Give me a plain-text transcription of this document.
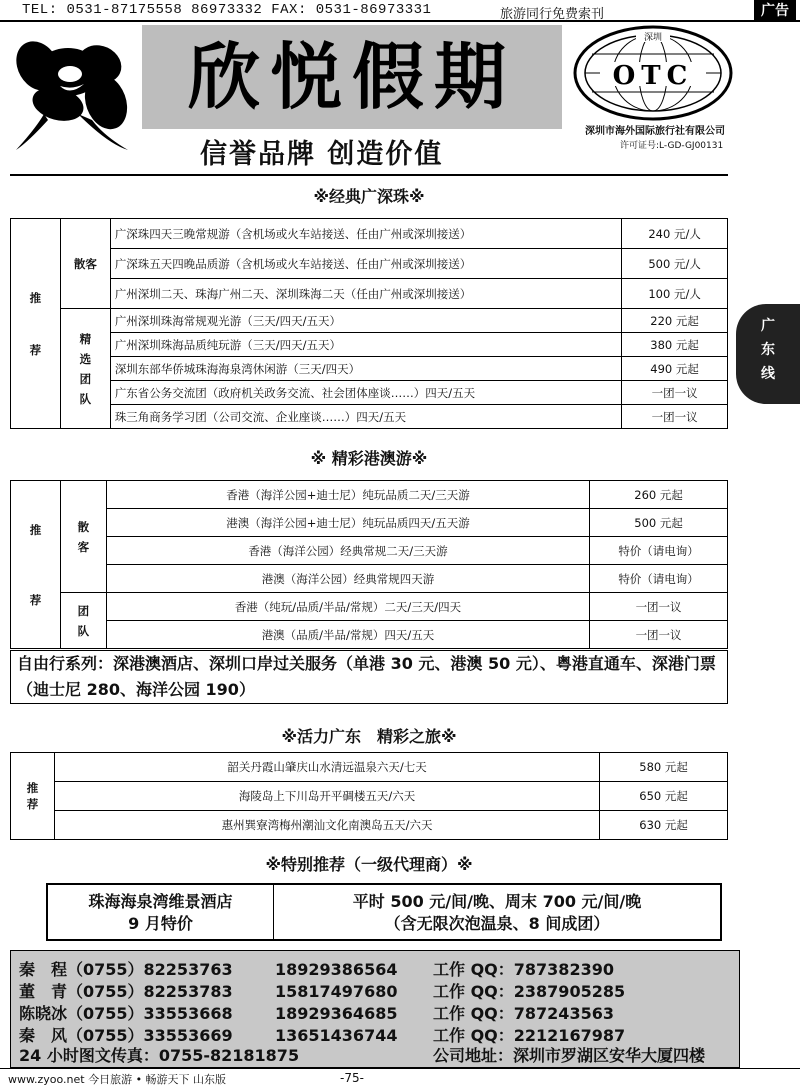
TEL: 0531-87175558 86973332 FAX: 0531-86973331	旅游同行免费索刊	广告
欣悦假期	OTC
深圳
深圳市海外国际旅行社有限公司
许可证号:L-GD-GJ00131
信誉品牌 创造价值
广
东
线
※经典广深珠※
推
荐	散客	广深珠四天三晚常规游（含机场或火车站接送、任由广州或深圳接送）	240 元/人
		广深珠五天四晚品质游（含机场或火车站接送、任由广州或深圳接送）	500 元/人
		广州深圳二天、珠海广州二天、深圳珠海二天（任由广州或深圳接送）	100 元/人
	精选团队	广州深圳珠海常规观光游（三天/四天/五天）	220 元起
		广州深圳珠海品质纯玩游（三天/四天/五天）	380 元起
		深圳东部华侨城珠海海泉湾休闲游（三天/四天）	490 元起
		广东省公务交流团（政府机关政务交流、社会团体座谈……）四天/五天	一团一议
		珠三角商务学习团（公司交流、企业座谈……）四天/五天	一团一议
※ 精彩港澳游※
推
荐	散客	香港（海洋公园+迪士尼）纯玩品质二天/三天游	260 元起
		港澳（海洋公园+迪士尼）纯玩品质四天/五天游	500 元起
		香港（海洋公园）经典常规二天/三天游	特价（请电询）
		港澳（海洋公园）经典常规四天游	特价（请电询）
	团队	香港（纯玩/品质/半品/常规）二天/三天/四天	一团一议
		港澳（品质/半品/常规）四天/五天	一团一议
自由行系列：深港澳酒店、深圳口岸过关服务（单港 30 元、港澳 50 元）、粤港直通车、深港门票（迪士尼 280、海洋公园 190）
※活力广东　精彩之旅※
推
荐	韶关丹霞山肇庆山水清远温泉六天/七天	580 元起
	海陵岛上下川岛开平碉楼五天/六天	650 元起
	惠州巽寮湾梅州潮汕文化南澳岛五天/六天	630 元起
※特别推荐（一级代理商）※
珠海海泉湾维景酒店
9 月特价
平时 500 元/间/晚、周末 700 元/间/晚
（含无限次泡温泉、8 间成团）
秦　程（0755）82253763	18929386564 工作 QQ：787382390
董　青（0755）82253783	15817497680 工作 QQ：2387905285
陈晓冰（0755）33553668	18929364685 工作 QQ：787243563
秦　风（0755）33553669	13651436744 工作 QQ：2212167987
24 小时图文传真：0755-82181875	公司地址：深圳市罗湖区安华大厦四楼
www.zyoo.net 今日旅游 • 畅游天下 山东版	-75-
